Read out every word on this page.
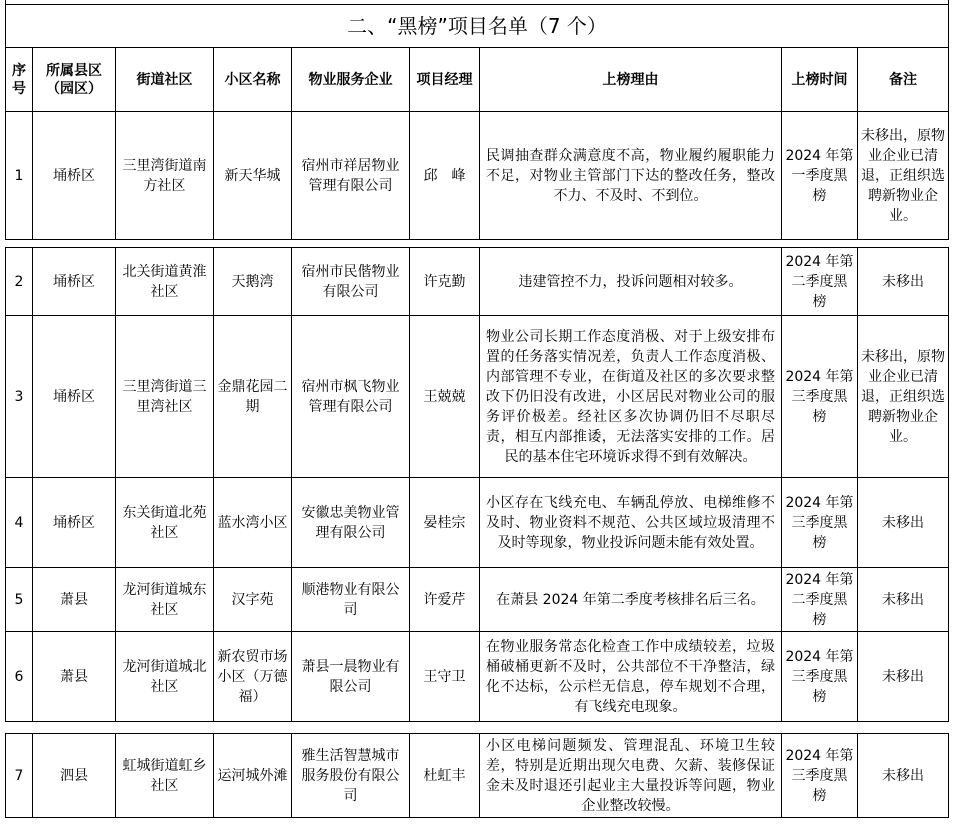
二、“黑榜”项目名单（7 个）								
序号	所属县区（园区）	街道社区	小区名称	物业服务企业	项目经理	上榜理由	上榜时间	备注
1	埇桥区	三里湾街道南方社区	新天华城	宿州市祥居物业管理有限公司	邱　峰	民调抽查群众满意度不高，物业履约履职能力不足，对物业主管部门下达的整改任务，整改不力、不及时、不到位。	2024 年第一季度黑榜	未移出，原物业企业已清退，正组织选聘新物业企业。

2	埇桥区	北关街道黄淮社区	天鹅湾	宿州市民偕物业有限公司	许克勤	违建管控不力，投诉问题相对较多。	2024 年第二季度黑榜	未移出
3	埇桥区	三里湾街道三里湾社区	金鼎花园二期	宿州市枫飞物业管理有限公司	王兢兢	物业公司长期工作态度消极、对于上级安排布置的任务落实情况差，负责人工作态度消极、内部管理不专业，在街道及社区的多次要求整改下仍旧没有改进，小区居民对物业公司的服务评价极差。经社区多次协调仍旧不尽职尽责，相互内部推诿，无法落实安排的工作。居民的基本住宅环境诉求得不到有效解决。	2024 年第三季度黑榜	未移出，原物业企业已清退，正组织选聘新物业企业。
4	埇桥区	东关街道北苑社区	蓝水湾小区	安徽忠美物业管理有限公司	晏桂宗	小区存在飞线充电、车辆乱停放、电梯维修不及时、物业资料不规范、公共区域垃圾清理不及时等现象，物业投诉问题未能有效处置。	2024 年第三季度黑榜	未移出
5	萧县	龙河街道城东社区	汉字苑	顺港物业有限公司	许爱芹	在萧县 2024 年第二季度考核排名后三名。	2024 年第二季度黑榜	未移出
6	萧县	龙河街道城北社区	新农贸市场小区（万德福）	萧县一晨物业有限公司	王守卫	在物业服务常态化检查工作中成绩较差，垃圾桶破桶更新不及时，公共部位不干净整洁，绿化不达标，公示栏无信息，停车规划不合理，有飞线充电现象。	2024 年第三季度黑榜	未移出

7	泗县	虹城街道虹乡社区	运河城外滩	雅生活智慧城市服务股份有限公司	杜虹丰	小区电梯问题频发、管理混乱、环境卫生较差，特别是近期出现欠电费、欠薪、装修保证金未及时退还引起业主大量投诉等问题，物业企业整改较慢。	2024 年第三季度黑榜	未移出
